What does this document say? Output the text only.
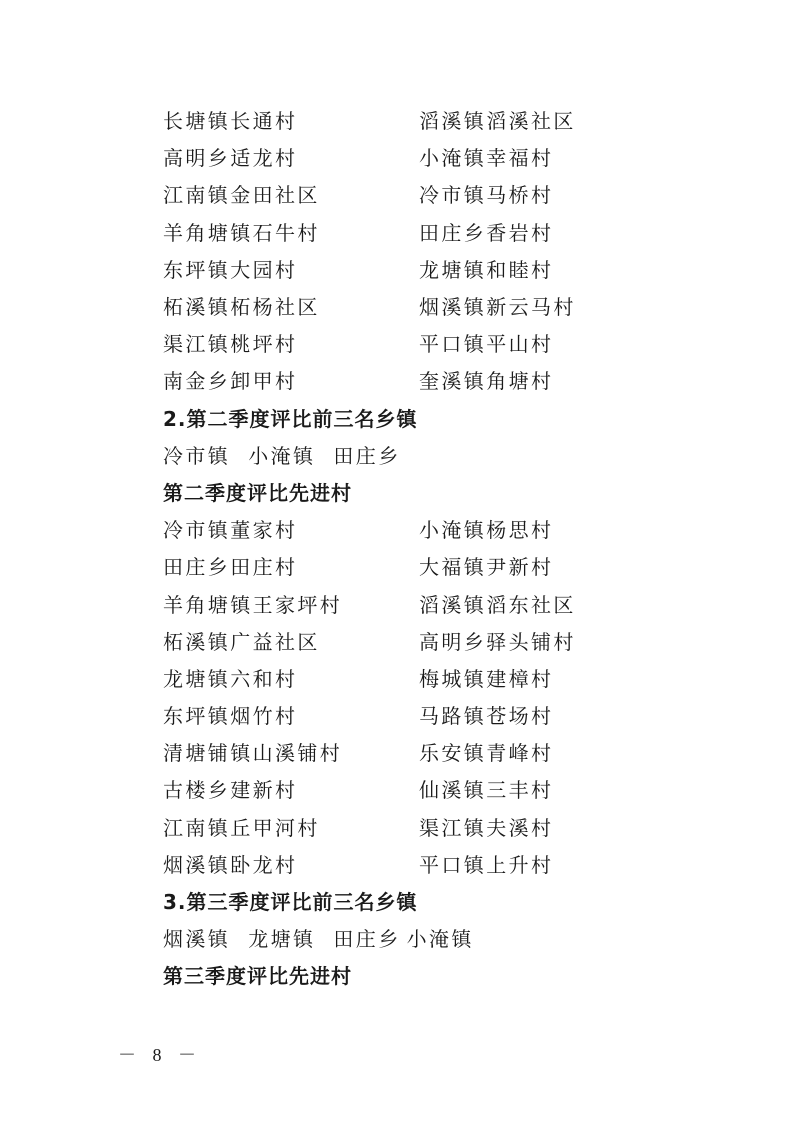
长塘镇长通村	滔溪镇滔溪社区
高明乡适龙村	小淹镇幸福村
江南镇金田社区	冷市镇马桥村
羊角塘镇石牛村	田庄乡香岩村
东坪镇大园村	龙塘镇和睦村
柘溪镇柘杨社区	烟溪镇新云马村
渠江镇桃坪村	平口镇平山村
南金乡卸甲村	奎溪镇角塘村
2.第二季度评比前三名乡镇
冷市镇 小淹镇 田庄乡
第二季度评比先进村
冷市镇董家村	小淹镇杨思村
田庄乡田庄村	大福镇尹新村
羊角塘镇王家坪村	滔溪镇滔东社区
柘溪镇广益社区	高明乡驿头铺村
龙塘镇六和村	梅城镇建樟村
东坪镇烟竹村	马路镇苍场村
清塘铺镇山溪铺村	乐安镇青峰村
古楼乡建新村	仙溪镇三丰村
江南镇丘甲河村	渠江镇夫溪村
烟溪镇卧龙村	平口镇上升村
3.第三季度评比前三名乡镇
烟溪镇 龙塘镇 田庄乡 小淹镇
第三季度评比先进村
－ 8 －
